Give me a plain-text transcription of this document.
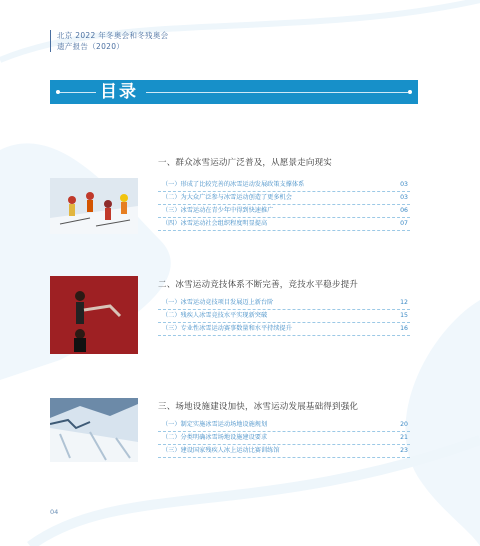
北京 2022 年冬奥会和冬残奥会
遗产报告（2020）
目录
一、群众冰雪运动广泛普及，从愿景走向现实
（一）形成了比较完善的冰雪运动发展政策支撑体系	03
（二）为大众广泛参与冰雪运动创造了更多机会	03
（三）冰雪运动在青少年中得到快速推广	06
（四）冰雪运动社会组织程度明显提高	07
二、冰雪运动竞技体系不断完善，竞技水平稳步提升
（一）冰雪运动竞技项目发展迈上新台阶	12
（二）残疾人冰雪竞技水平实现新突破	15
（三）专业性冰雪运动赛事数量和水平持续提升	16
三、场地设施建设加快，冰雪运动发展基础得到强化
（一）制定实施冰雪运动场地设施规划	20
（二）分类明确冰雪场地设施建设要求	21
（三）建设国家残疾人冰上运动比赛训练馆	23
04
